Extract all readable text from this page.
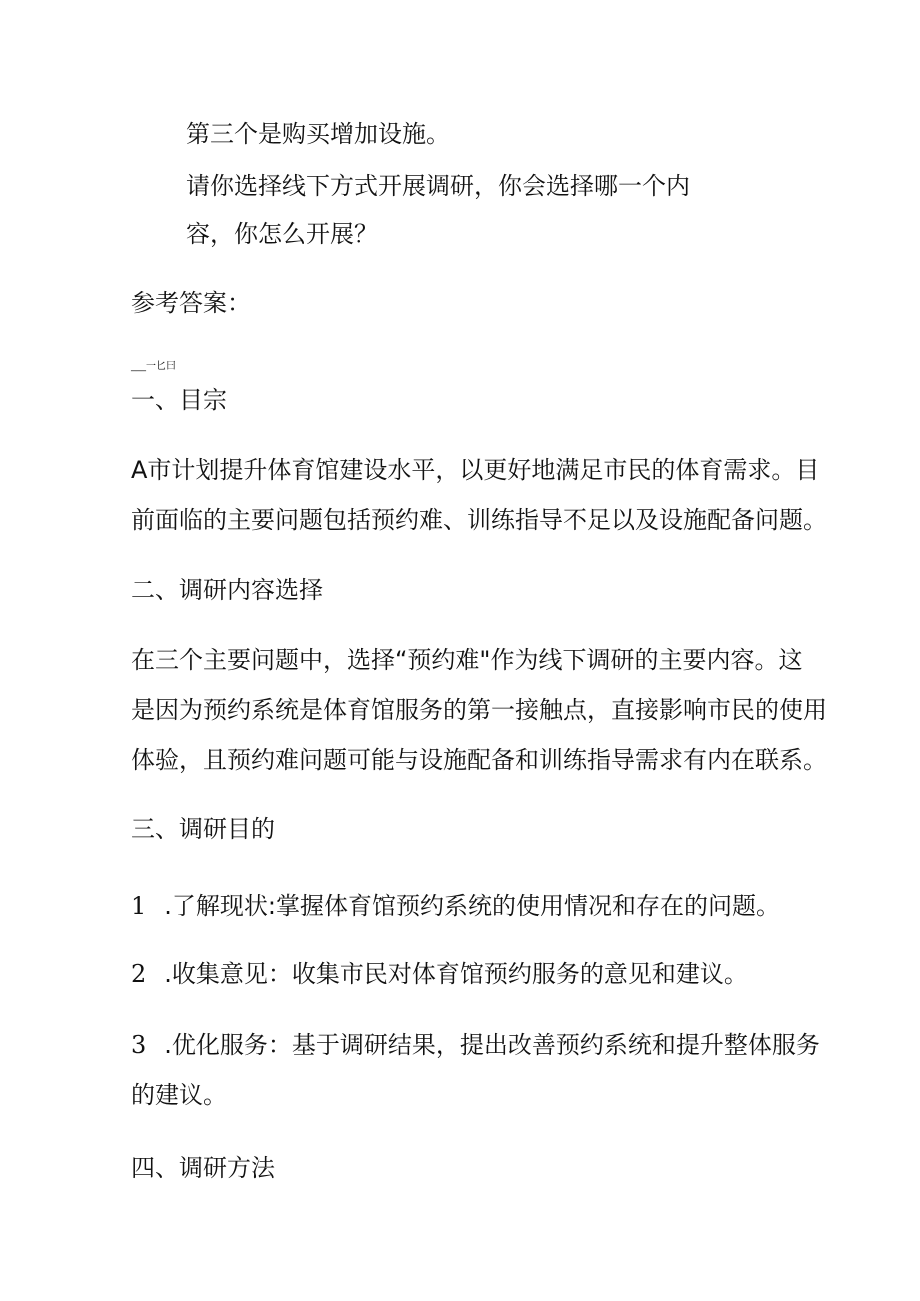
第三个是购买增加设施。
请你选择线下方式开展调研，你会选择哪一个内
容，你怎么开展？
参考答案：
___一匕曰
一、目宗
A市计划提升体育馆建设水平，以更好地满足市民的体育需求。目
前面临的主要问题包括预约难、训练指导不足以及设施配备问题。
二、调研内容选择
在三个主要问题中，选择“预约难"作为线下调研的主要内容。这
是因为预约系统是体育馆服务的第一接触点，直接影响市民的使用
体验，且预约难问题可能与设施配备和训练指导需求有内在联系。
三、调研目的
1 .了解现状:掌握体育馆预约系统的使用情况和存在的问题。
2 .收集意见：收集市民对体育馆预约服务的意见和建议。
3 .优化服务：基于调研结果，提出改善预约系统和提升整体服务
的建议。
四、调研方法
